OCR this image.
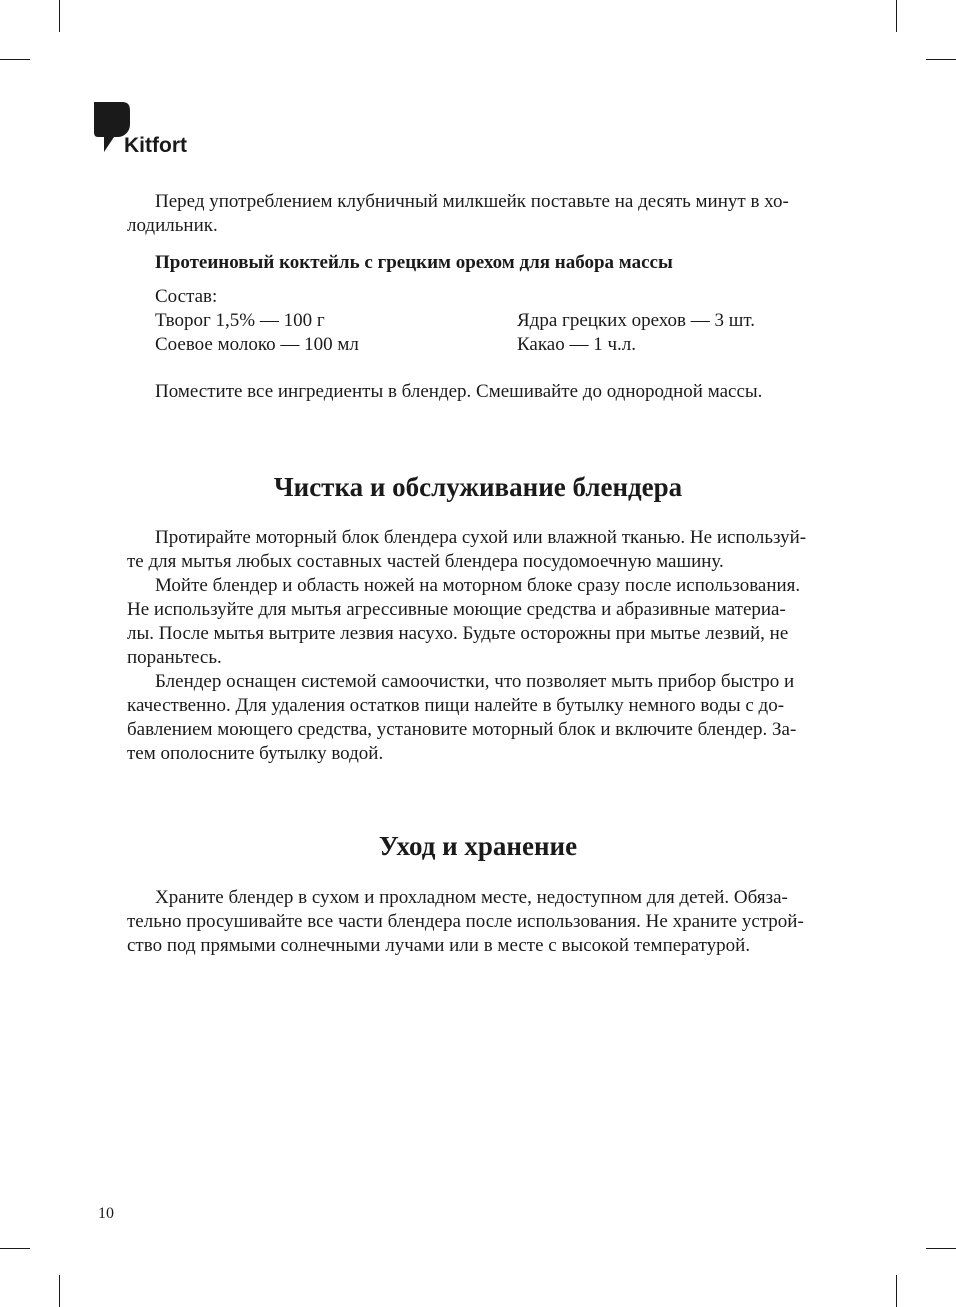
Kitfort
Перед употреблением клубничный милкшейк поставьте на десять минут в хо-
лодильник.

Протеиновый коктейль с грецким орехом для набора массы

Состав:

Творог 1,5% — 100 г

Соевое молоко — 100 мл

Ядра грецких орехов — 3 шт.

Какао — 1 ч.л.

Поместите все ингредиенты в блендер. Смешивайте до однородной массы.

Чистка и обслуживание блендера
Протирайте моторный блок блендера сухой или влажной тканью. Не используй-
те для мытья любых составных частей блендера посудомоечную машину.
Мойте блендер и область ножей на моторном блоке сразу после использования.
Не используйте для мытья агрессивные моющие средства и абразивные материа-
лы. После мытья вытрите лезвия насухо. Будьте осторожны при мытье лезвий, не
пораньтесь.
Блендер оснащен системой самоочистки, что позволяет мыть прибор быстро и
качественно. Для удаления остатков пищи налейте в бутылку немного воды с до-
бавлением моющего средства, установите моторный блок и включите блендер. За-
тем ополосните бутылку водой.
Уход и хранение
Храните блендер в сухом и прохладном месте, недоступном для детей. Обяза-
тельно просушивайте все части блендера после использования. Не храните устрой-
ство под прямыми солнечными лучами или в месте с высокой температурой.

10
